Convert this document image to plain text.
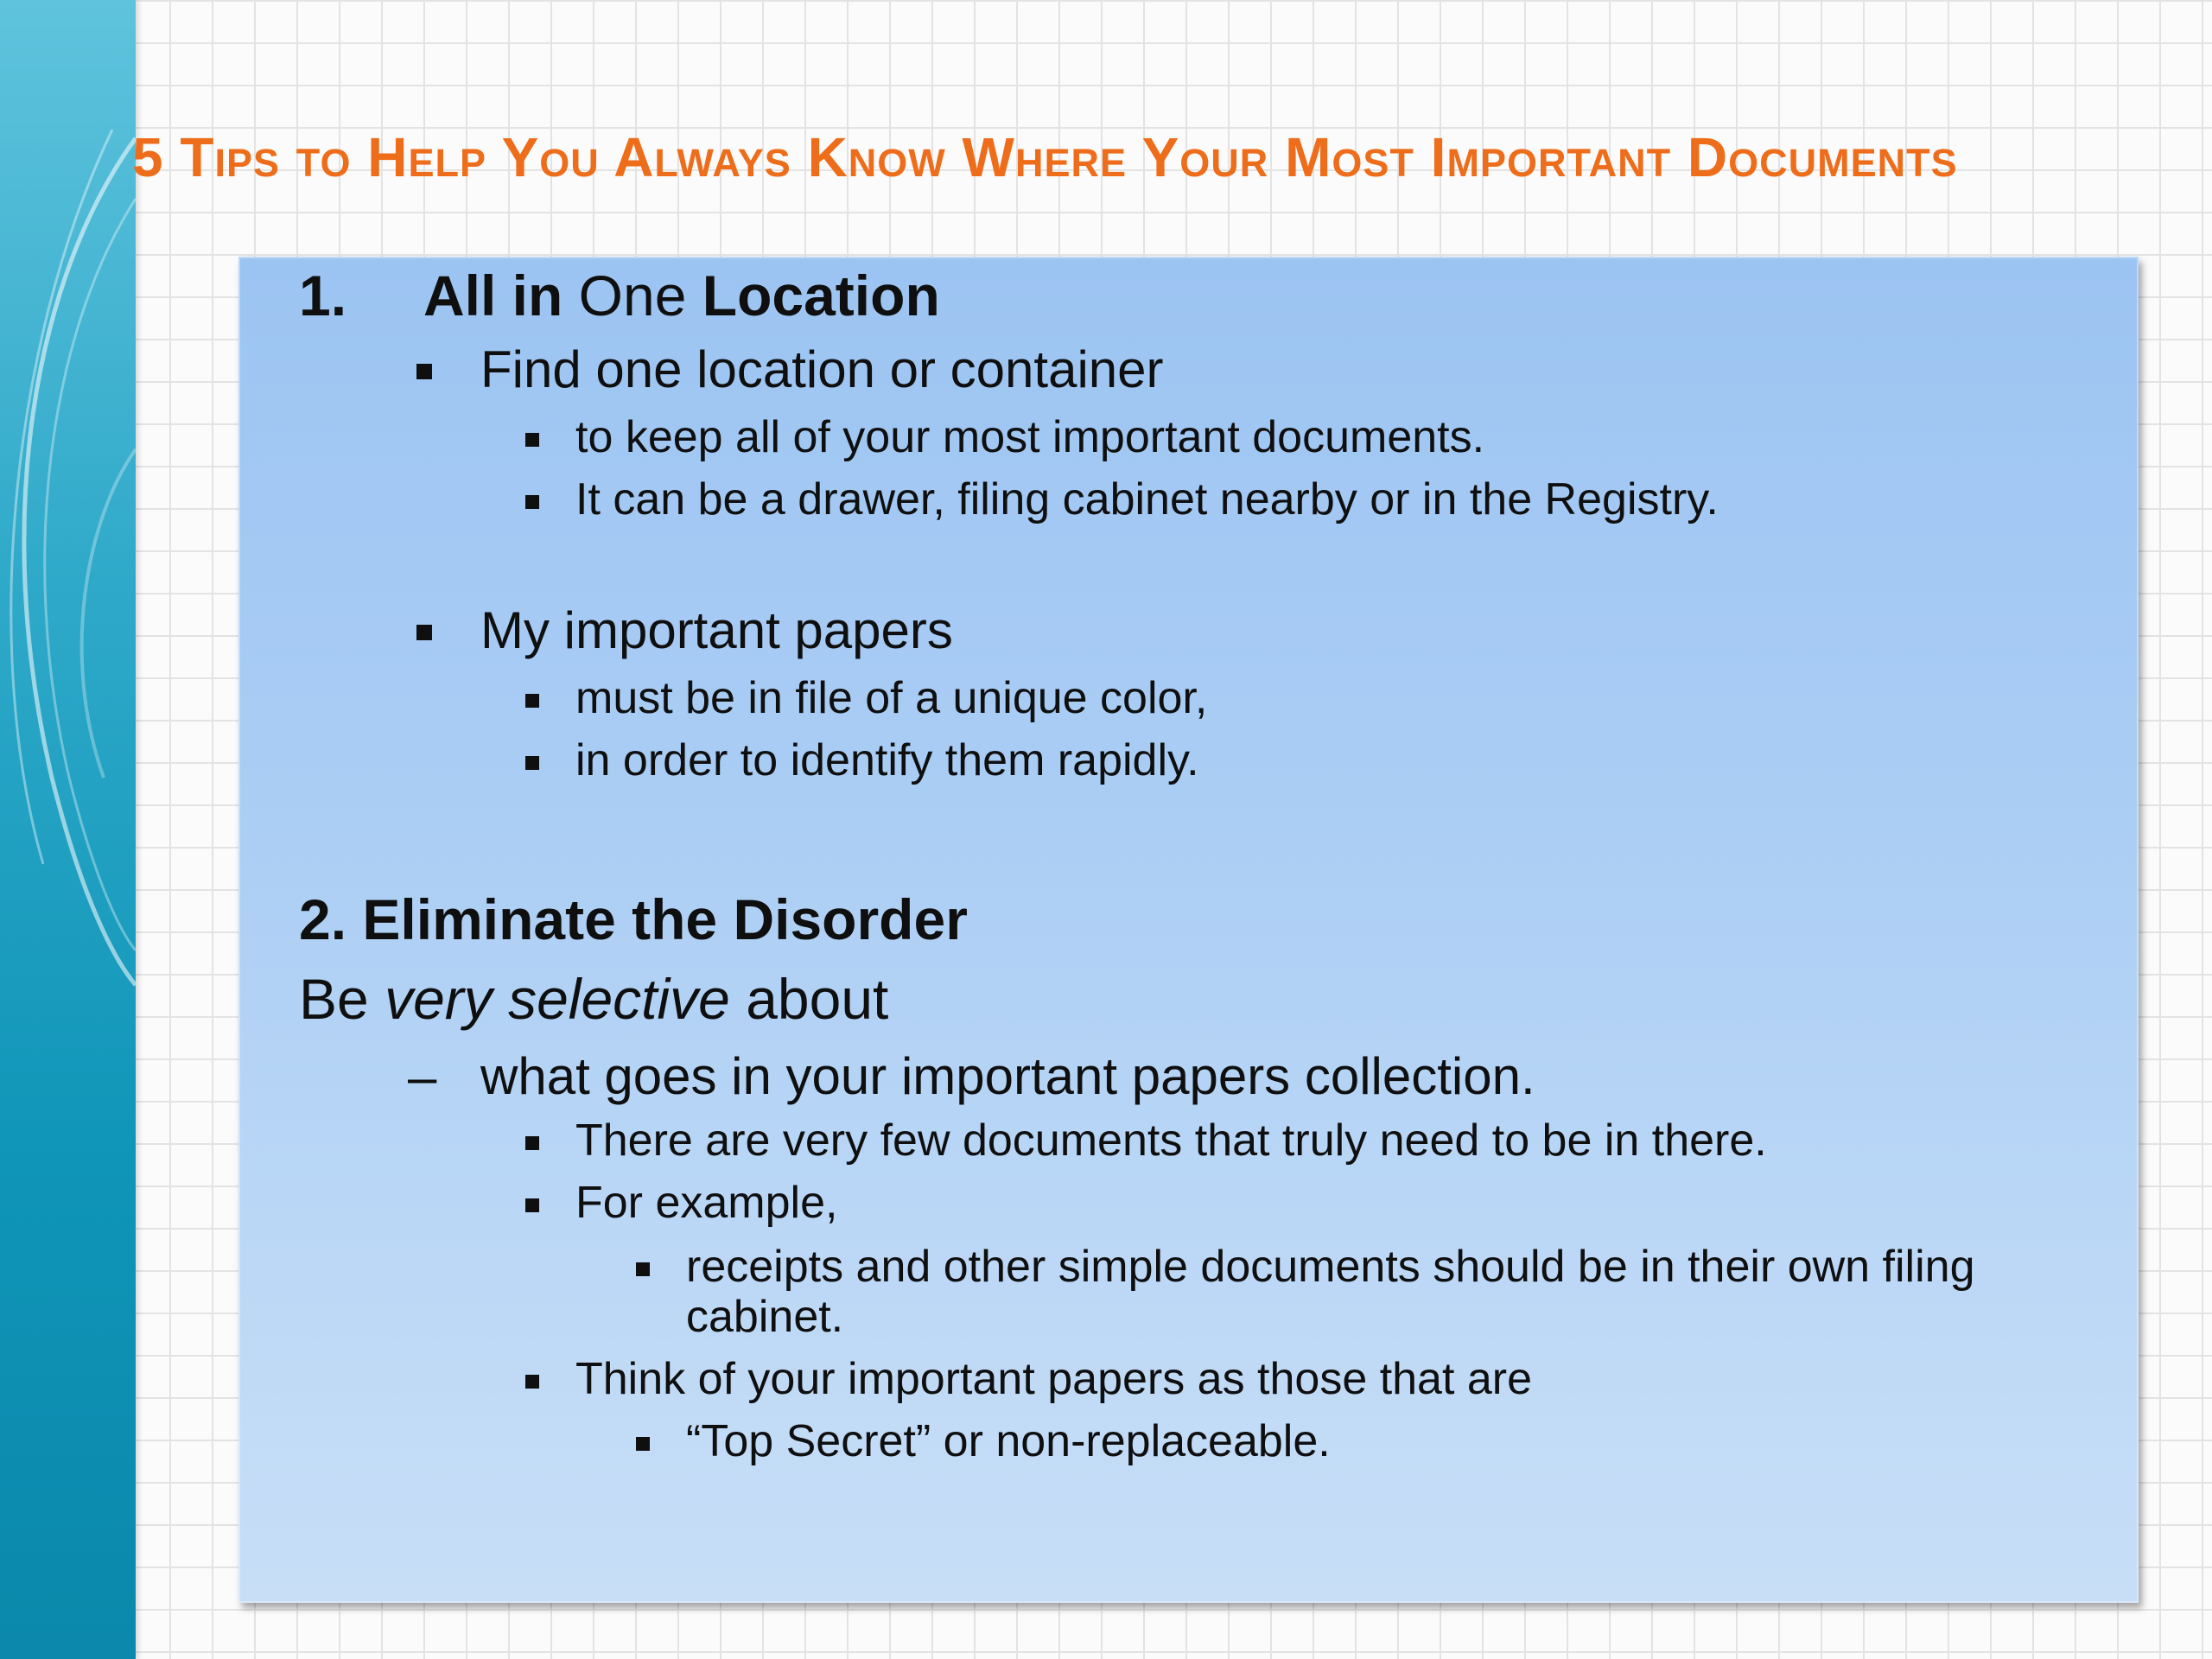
5 Tips to Help You Always Know Where Your Most Important Documents
1. All in One Location
Find one location or container
to keep all of your most important documents.
It can be a drawer, filing cabinet nearby or in the Registry.
My important papers
must be in file of a unique color,
in order to identify them rapidly.
2. Eliminate the Disorder
Be very selective about
– what goes in your important papers collection.
There are very few documents that truly need to be in there.
For example,
receipts and other simple documents should be in their own filing
cabinet.
Think of your important papers as those that are
“Top Secret” or non-replaceable.
